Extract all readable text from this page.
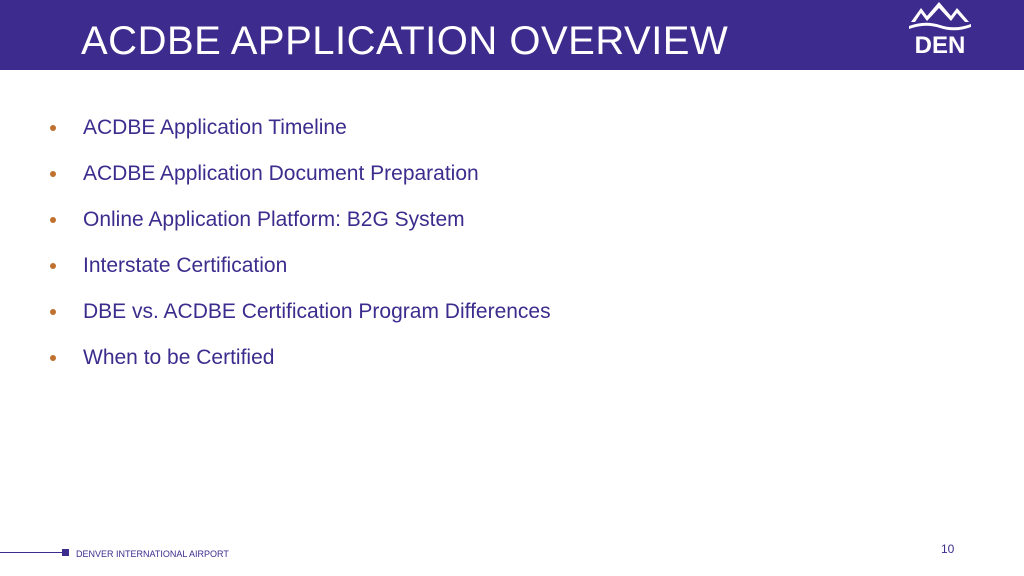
ACDBE APPLICATION OVERVIEW	DEN
ACDBE Application Timeline
ACDBE Application Document Preparation
Online Application Platform: B2G System
Interstate Certification
DBE vs. ACDBE Certification Program Differences
When to be Certified
DENVER INTERNATIONAL AIRPORT	10
